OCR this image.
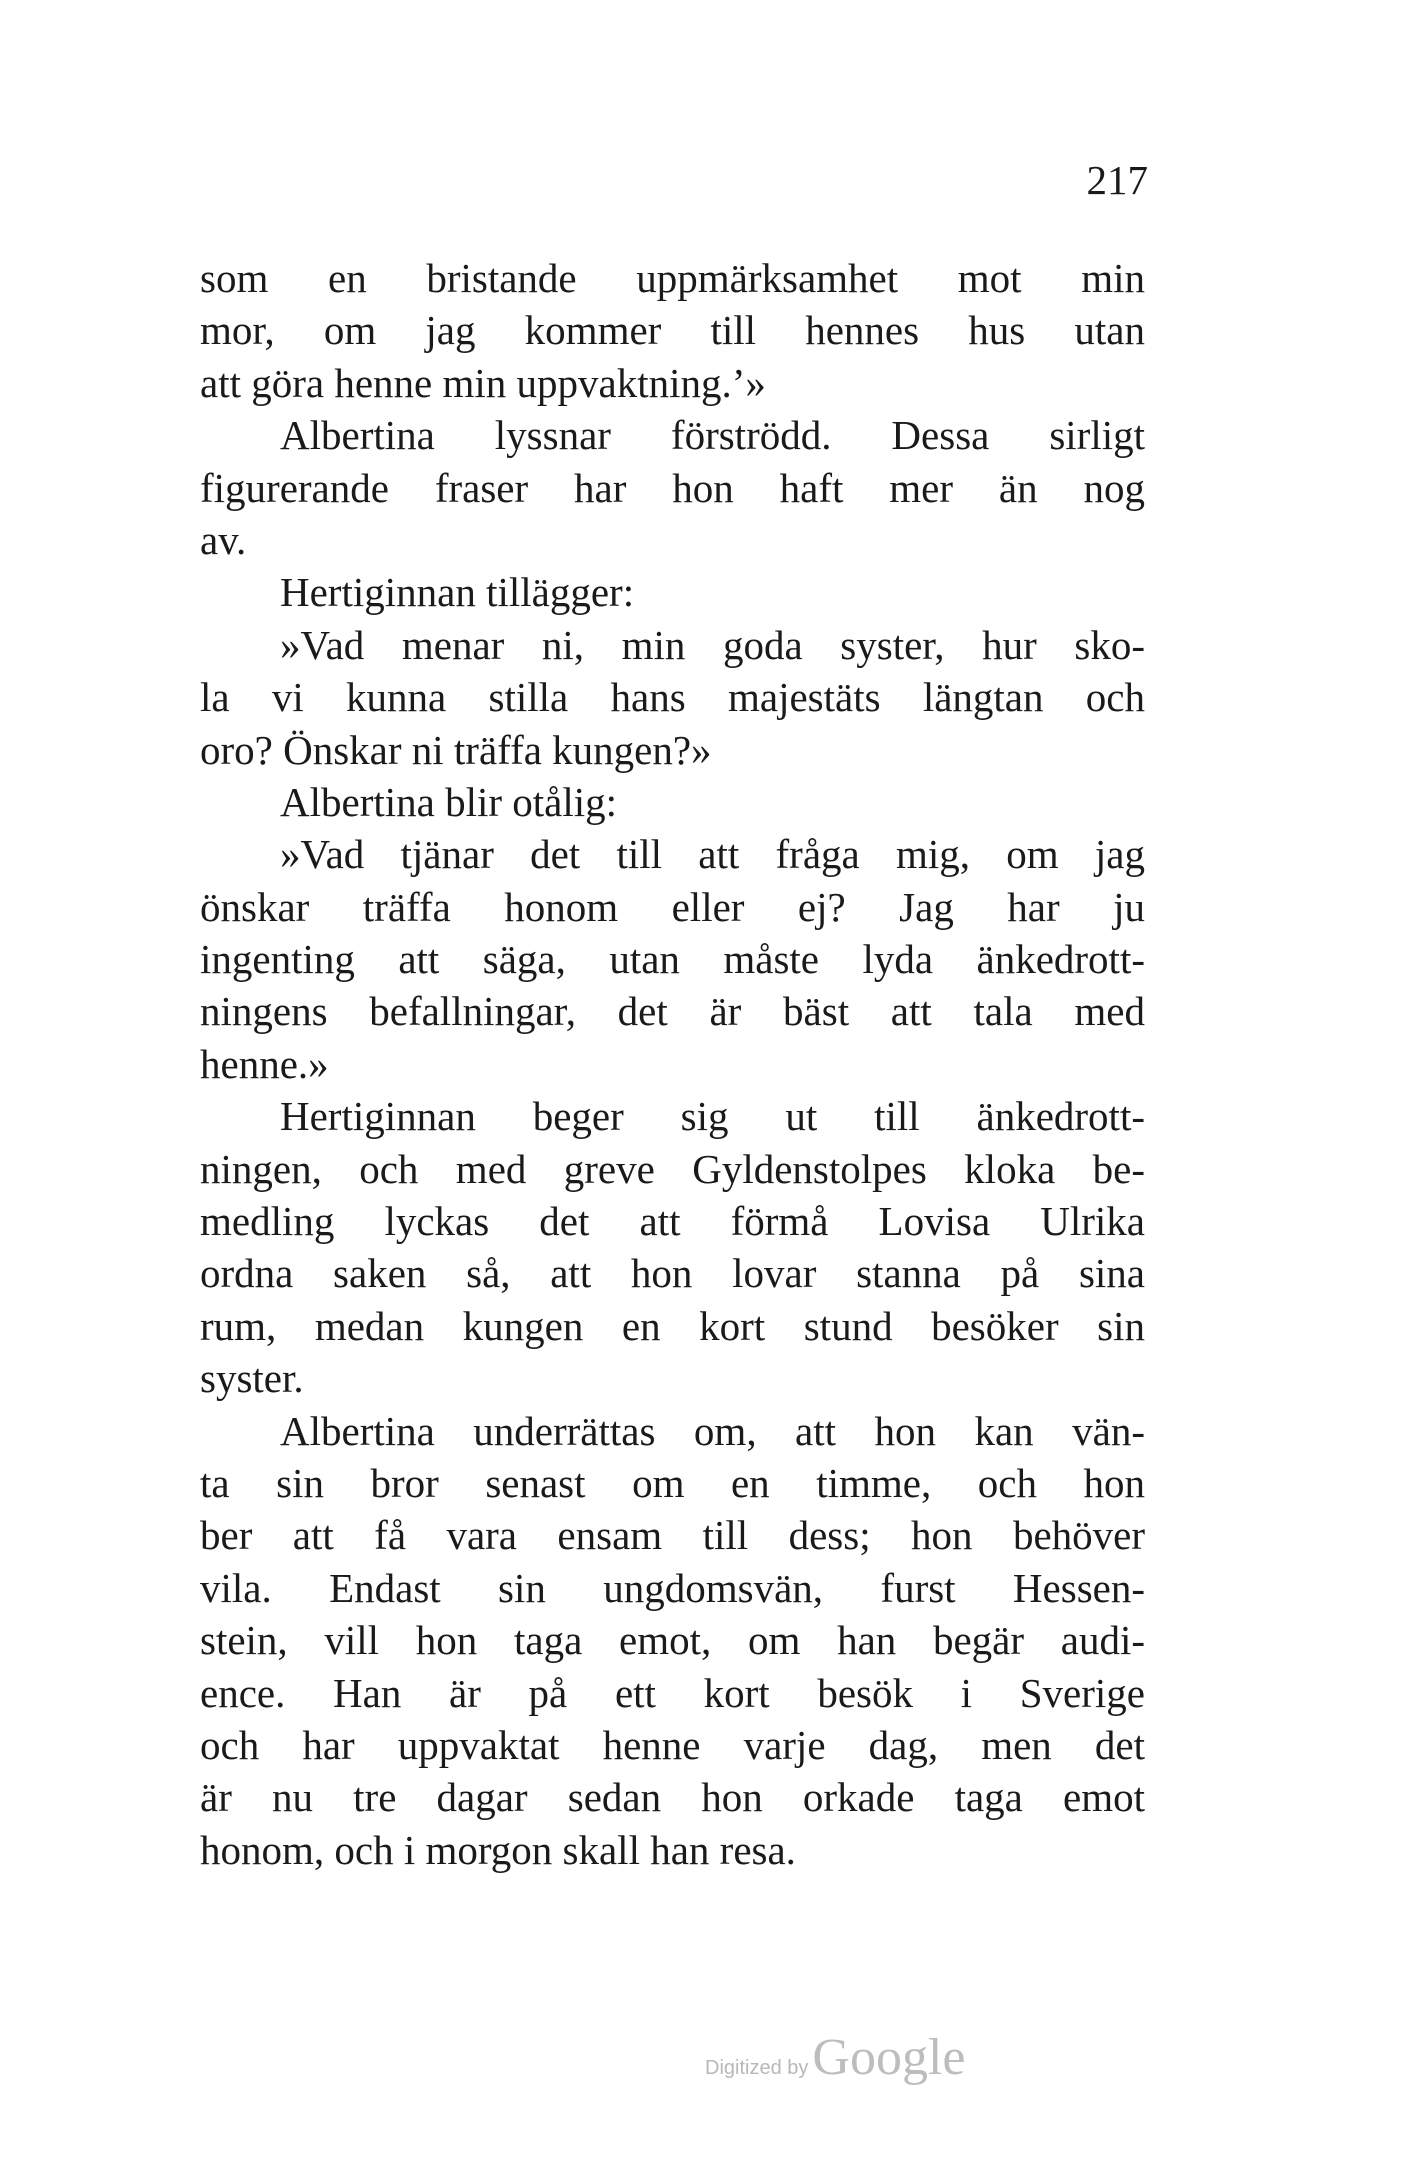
217
som en bristande uppmärksamhet mot min
mor, om jag kommer till hennes hus utan
att göra henne min uppvaktning.’»
Albertina lyssnar förströdd. Dessa sirligt
figurerande fraser har hon haft mer än nog
av.
Hertiginnan tillägger:
»Vad menar ni, min goda syster, hur sko-
la vi kunna stilla hans majestäts längtan och
oro? Önskar ni träffa kungen?»
Albertina blir otålig:
»Vad tjänar det till att fråga mig, om jag
önskar träffa honom eller ej? Jag har ju
ingenting att säga, utan måste lyda änkedrott-
ningens befallningar, det är bäst att tala med
henne.»
Hertiginnan beger sig ut till änkedrott-
ningen, och med greve Gyldenstolpes kloka be-
medling lyckas det att förmå Lovisa Ulrika
ordna saken så, att hon lovar stanna på sina
rum, medan kungen en kort stund besöker sin
syster.
Albertina underrättas om, att hon kan vän-
ta sin bror senast om en timme, och hon
ber att få vara ensam till dess; hon behöver
vila. Endast sin ungdomsvän, furst Hessen-
stein, vill hon taga emot, om han begär audi-
ence. Han är på ett kort besök i Sverige
och har uppvaktat henne varje dag, men det
är nu tre dagar sedan hon orkade taga emot
honom, och i morgon skall han resa.
Digitized byGoogle
